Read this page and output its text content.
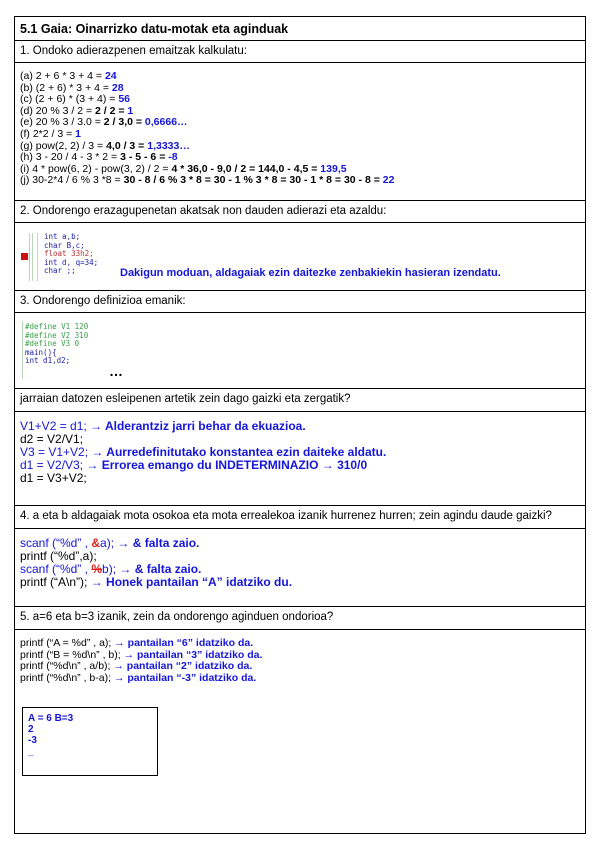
5.1 Gaia: Oinarrizko datu-motak eta aginduak
1. Ondoko adierazpenen emaitzak kalkulatu:
(a) 2 + 6 * 3 + 4 = 24
(b) (2 + 6) * 3 + 4 = 28
(c) (2 + 6) * (3 + 4) = 56
(d) 20 % 3 / 2 = 2 / 2 = 1
(e) 20 % 3 / 3.0 = 2 / 3,0 = 0,6666…
(f) 2*2 / 3 = 1
(g) pow(2, 2) / 3 = 4,0 / 3 = 1,3333…
(h) 3 - 20 / 4 - 3 * 2 = 3 - 5 - 6 = -8
(i) 4 * pow(6, 2) - pow(3, 2) / 2 = 4 * 36,0 - 9,0 / 2 = 144,0 - 4,5 = 139,5
(j) 30-2*4 / 6 % 3 *8 = 30 - 8 / 6 % 3 * 8 = 30 - 1 % 3 * 8 = 30 - 1 * 8 = 30 - 8 = 22
2. Ondorengo erazagupenetan akatsak non dauden adierazi eta azaldu:
int a,b;
char B,c;
float 33h2;
int d, q=34;
char ;;	Dakigun moduan, aldagaiak ezin daitezke zenbakiekin hasieran izendatu.
3. Ondorengo definizioa emanik:
#define V1 120
#define V2 310
#define V3 0
main(){
int d1,d2;
…
jarraian datozen esleipenen artetik zein dago gaizki eta zergatik?
V1+V2 = d1; → Alderantziz jarri behar da ekuazioa.
d2 = V2/V1;
V3 = V1+V2; → Aurredefinitutako konstantea ezin daiteke aldatu.
d1 = V2/V3; → Errorea emango du INDETERMINAZIO → 310/0
d1 = V3+V2;
4. a eta b aldagaiak mota osokoa eta mota errealekoa izanik hurrenez hurren; zein agindu daude gaizki?
scanf (“%d” , &a); → & falta zaio.
printf (“%d”,a);
scanf (“%d” , %b); → & falta zaio.
printf (“A\n”); → Honek pantailan “A” idatziko du.
5. a=6 eta b=3 izanik, zein da ondorengo aginduen ondorioa?
printf (“A = %d” , a); → pantailan “6” idatziko da.
printf (“B = %d\n” , b); → pantailan “3” idatziko da.
printf (“%d\n” , a/b); → pantailan “2” idatziko da.
printf (“%d\n” , b-a); → pantailan “-3” idatziko da.
A = 6 B=3
2
-3
_
